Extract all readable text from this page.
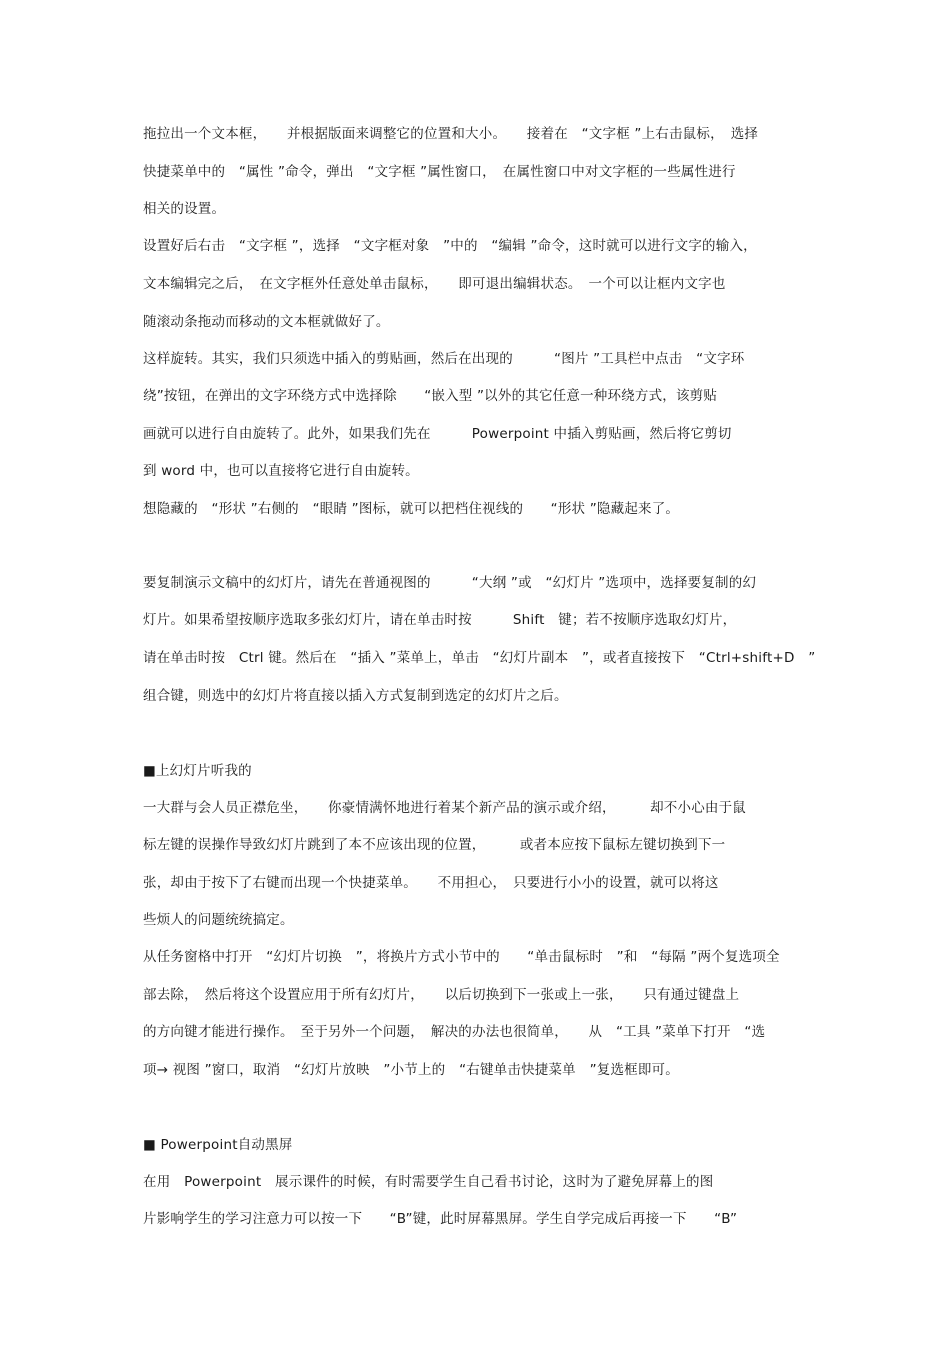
拖拉出一个文本框，　　并根据版面来调整它的位置和大小。　　接着在　“文字框 ”上右击鼠标，　选择
快捷菜单中的　“属性 ”命令，弹出　“文字框 ”属性窗口，　在属性窗口中对文字框的一些属性进行
相关的设置。
设置好后右击　“文字框 ”，选择　“文字框对象　”中的　“编辑 ”命令，这时就可以进行文字的输入，
文本编辑完之后，　在文字框外任意处单击鼠标，　　即可退出编辑状态。　一个可以让框内文字也
随滚动条拖动而移动的文本框就做好了。
这样旋转。其实，我们只须选中插入的剪贴画，然后在出现的　　　“图片 ”工具栏中点击　“文字环
绕”按钮，在弹出的文字环绕方式中选择除　　“嵌入型 ”以外的其它任意一种环绕方式，该剪贴
画就可以进行自由旋转了。此外，如果我们先在　　　Powerpoint 中插入剪贴画，然后将它剪切
到 word 中，也可以直接将它进行自由旋转。
想隐藏的　“形状 ”右侧的　“眼睛 ”图标，就可以把档住视线的　　“形状 ”隐藏起来了。
要复制演示文稿中的幻灯片，请先在普通视图的　　　“大纲 ”或　“幻灯片 ”选项中，选择要复制的幻
灯片。如果希望按顺序选取多张幻灯片，请在单击时按　　　Shift　键；若不按顺序选取幻灯片，
请在单击时按　Ctrl 键。然后在　“插入 ”菜单上，单击　“幻灯片副本　”，或者直接按下　“Ctrl+shift+D　”
组合键，则选中的幻灯片将直接以插入方式复制到选定的幻灯片之后。
■上幻灯片听我的
一大群与会人员正襟危坐，　　你豪情满怀地进行着某个新产品的演示或介绍，　　　却不小心由于鼠
标左键的误操作导致幻灯片跳到了本不应该出现的位置，　　　或者本应按下鼠标左键切换到下一
张，却由于按下了右键而出现一个快捷菜单。　　不用担心，　只要进行小小的设置，就可以将这
些烦人的问题统统搞定。
从任务窗格中打开　“幻灯片切换　”，将换片方式小节中的　　“单击鼠标时　”和　“每隔 ”两个复选项全
部去除，　然后将这个设置应用于所有幻灯片，　　以后切换到下一张或上一张，　　只有通过键盘上
的方向键才能进行操作。　至于另外一个问题，　解决的办法也很简单，　　从　“工具 ”菜单下打开　“选
项→ 视图 ”窗口，取消　“幻灯片放映　”小节上的　“右键单击快捷菜单　”复选框即可。
■ Powerpoint自动黑屏
在用　Powerpoint　展示课件的时候，有时需要学生自己看书讨论，这时为了避免屏幕上的图
片影响学生的学习注意力可以按一下　　“B”键，此时屏幕黑屏。学生自学完成后再接一下　　“B”
